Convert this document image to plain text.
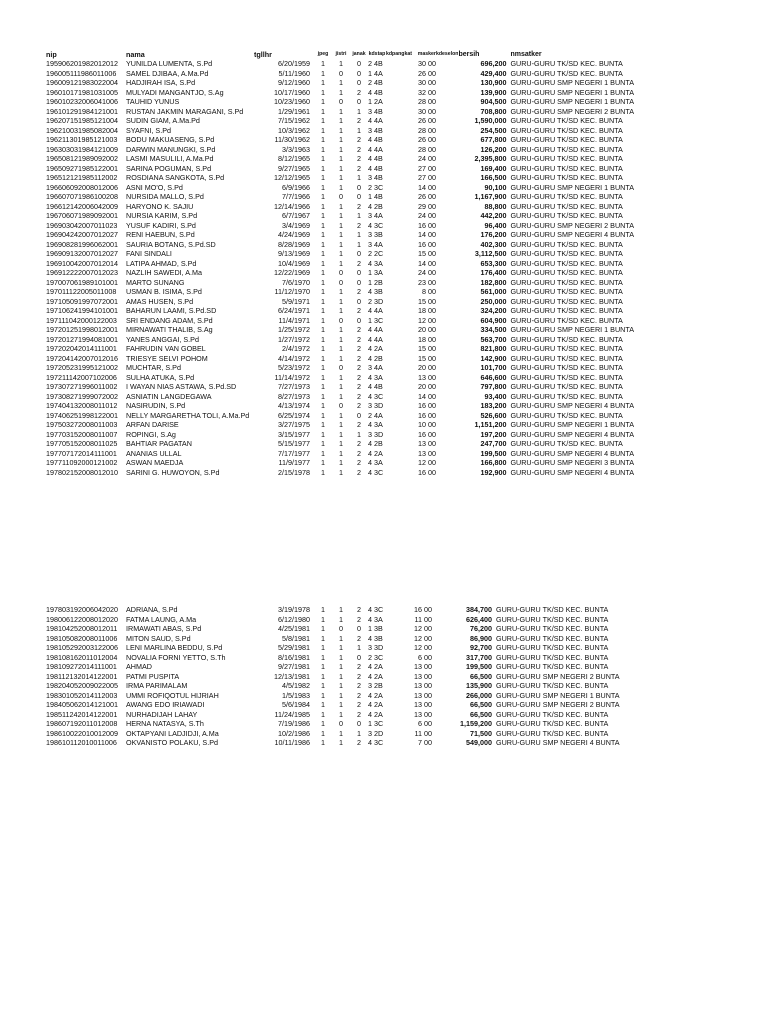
nip	nama	tgllhr	jpeg	jistri	janak	kdstap	kdpangkat	masker	kdeselon	bersih	nmsatker
195906201982012012	YUNILDA LUMENTA, S.Pd	6/20/1959	1	1	0	2 4B		30 00		696,200	GURU-GURU TK/SD KEC. BUNTA
196005111986011006	SAMEL DJIBAA, A.Ma.Pd	5/11/1960	1	0	0	1 4A		26 00		429,400	GURU-GURU TK/SD KEC. BUNTA
196009121983022004	HADJIRAH ISA, S.Pd	9/12/1960	1	1	0	2 4B		30 00		130,900	GURU-GURU SMP NEGERI 1 BUNTA
196010171981031005	MULYADI MANGANTJO, S.Ag	10/17/1960	1	1	2	4 4B		32 00		139,900	GURU-GURU SMP NEGERI 1 BUNTA
196010232006041006	TAUHID YUNUS	10/23/1960	1	0	0	1 2A		28 00		904,500	GURU-GURU SMP NEGERI 1 BUNTA
196101291984121001	RUSTAN JAKMIN MARAGANI, S.Pd	1/29/1961	1	1	1	3 4B		30 00		708,800	GURU-GURU SMP NEGERI 2 BUNTA
196207151985121004	SUDIN GIAM, A.Ma.Pd	7/15/1962	1	1	2	4 4A		26 00		1,590,000	GURU-GURU TK/SD KEC. BUNTA
196210031985082004	SYAFNI, S.Pd	10/3/1962	1	1	1	3 4B		28 00		254,500	GURU-GURU TK/SD KEC. BUNTA
196211301985121003	BODU MAKUASENG, S.Pd	11/30/1962	1	1	2	4 4B		26 00		677,800	GURU-GURU TK/SD KEC. BUNTA
196303031984121009	DARWIN MANUNGKI, S.Pd	3/3/1963	1	1	2	4 4A		28 00		126,200	GURU-GURU TK/SD KEC. BUNTA
196508121989092002	LASMI MASULILI, A.Ma.Pd	8/12/1965	1	1	2	4 4B		24 00		2,395,800	GURU-GURU TK/SD KEC. BUNTA
196509271985122001	SARINA POGUMAN, S.Pd	9/27/1965	1	1	2	4 4B		27 00		169,400	GURU-GURU TK/SD KEC. BUNTA
196512121985112002	ROSDIANA SANGKOTA, S.Pd	12/12/1965	1	1	1	3 4B		27 00		166,500	GURU-GURU TK/SD KEC. BUNTA
196606092008012006	ASNI MO'O, S.Pd	6/9/1966	1	1	0	2 3C		14 00		90,100	GURU-GURU SMP NEGERI 1 BUNTA
196607071986100208	NURSIDA MALLO, S.Pd	7/7/1966	1	0	0	1 4B		26 00		1,167,900	GURU-GURU TK/SD KEC. BUNTA
196612142006042009	HARYONO K. SAJIU	12/14/1966	1	1	2	4 2B		29 00		88,800	GURU-GURU TK/SD KEC. BUNTA
196706071989092001	NURSIA KARIM, S.Pd	6/7/1967	1	1	1	3 4A		24 00		442,200	GURU-GURU TK/SD KEC. BUNTA
196903042007011023	YUSUF KADIRI, S.Pd	3/4/1969	1	1	2	4 3C		16 00		96,400	GURU-GURU SMP NEGERI 2 BUNTA
196904242007012027	RENI HAEBUN, S.Pd	4/24/1969	1	1	1	3 3B		14 00		176,200	GURU-GURU SMP NEGERI 4 BUNTA
196908281996062001	SAURIA BOTANG, S.Pd.SD	8/28/1969	1	1	1	3 4A		16 00		402,300	GURU-GURU TK/SD KEC. BUNTA
196909132007012027	FANI SINDALI	9/13/1969	1	1	0	2 2C		15 00		3,112,500	GURU-GURU TK/SD KEC. BUNTA
196910042007012014	LATIPA AHMAD, S.Pd	10/4/1969	1	1	2	4 3A		14 00		653,300	GURU-GURU TK/SD KEC. BUNTA
196912222007012023	NAZLIH SAWEDI, A.Ma	12/22/1969	1	0	0	1 3A		24 00		176,400	GURU-GURU TK/SD KEC. BUNTA
197007061989101001	MARTO SUNANG	7/6/1970	1	0	0	1 2B		23 00		182,800	GURU-GURU TK/SD KEC. BUNTA
197011122005011008	USMAN B. ISIMA, S.Pd	11/12/1970	1	1	2	4 3B		8 00		561,000	GURU-GURU TK/SD KEC. BUNTA
197105091997072001	AMAS HUSEN, S.Pd	5/9/1971	1	1	0	2 3D		15 00		250,000	GURU-GURU TK/SD KEC. BUNTA
197106241994101001	BAHARUN LAAMI, S.Pd.SD	6/24/1971	1	1	2	4 4A		18 00		324,200	GURU-GURU TK/SD KEC. BUNTA
197111042000122003	SRI ENDANG ADAM, S.Pd	11/4/1971	1	0	0	1 3C		12 00		604,900	GURU-GURU TK/SD KEC. BUNTA
197201251998012001	MIRNAWATI THALIB, S.Ag	1/25/1972	1	1	2	4 4A		20 00		334,500	GURU-GURU SMP NEGERI 1 BUNTA
197201271994081001	YANES ANGGAI, S.Pd	1/27/1972	1	1	2	4 4A		18 00		563,700	GURU-GURU TK/SD KEC. BUNTA
197202042014111001	FAHRUDIN VAN GOBEL	2/4/1972	1	1	2	4 2A		15 00		821,800	GURU-GURU TK/SD KEC. BUNTA
197204142007012016	TRIESYE SELVI POHOM	4/14/1972	1	1	2	4 2B		15 00		142,900	GURU-GURU TK/SD KEC. BUNTA
197205231995121002	MUCHTAR, S.Pd	5/23/1972	1	0	2	3 4A		20 00		101,700	GURU-GURU TK/SD KEC. BUNTA
197211142007102006	SULHA ATUKA, S.Pd	11/14/1972	1	1	2	4 3A		13 00		646,600	GURU-GURU TK/SD KEC. BUNTA
197307271996011002	I WAYAN NIAS ASTAWA, S.Pd.SD	7/27/1973	1	1	2	4 4B		20 00		797,800	GURU-GURU TK/SD KEC. BUNTA
197308271999072002	ASNIATIN LANGDEGAWA	8/27/1973	1	1	2	4 3C		14 00		93,400	GURU-GURU TK/SD KEC. BUNTA
197404132008011012	NASIRUDIN, S.Pd	4/13/1974	1	0	2	3 3D		16 00		183,200	GURU-GURU SMP NEGERI 4 BUNTA
197406251998122001	NELLY MARGARETHA TOLI, A.Ma.Pd	6/25/1974	1	1	0	2 4A		16 00		526,600	GURU-GURU TK/SD KEC. BUNTA
197503272008011003	ARFAN DARISE	3/27/1975	1	1	2	4 3A		10 00		1,151,200	GURU-GURU SMP NEGERI 1 BUNTA
197703152008011007	ROPINGI, S.Ag	3/15/1977	1	1	1	3 3D		16 00		197,200	GURU-GURU SMP NEGERI 4 BUNTA
197705152008011025	BAHTIAR PAGATAN	5/15/1977	1	1	2	4 2B		13 00		247,700	GURU-GURU TK/SD KEC. BUNTA
197707172014111001	ANANIAS ULLAL	7/17/1977	1	1	2	4 2A		13 00		199,500	GURU-GURU SMP NEGERI 4 BUNTA
197711092000121002	ASWAN MAEDJA	11/9/1977	1	1	2	4 3A		12 00		166,800	GURU-GURU SMP NEGERI 3 BUNTA
197802152008012010	SARINI G. HUWOYON, S.Pd	2/15/1978	1	1	2	4 3C		16 00		192,900	GURU-GURU SMP NEGERI 4 BUNTA
197803192006042020	ADRIANA, S.Pd	3/19/1978	1	1	2	4 3C	16 00		384,700	GURU-GURU TK/SD KEC. BUNTA
198006122008012020	FATMA LAUNG, A.Ma	6/12/1980	1	1	2	4 3A	11 00		626,400	GURU-GURU TK/SD KEC. BUNTA
198104252008012011	IRMAWATI ABAS, S.Pd	4/25/1981	1	0	0	1 3B	12 00		76,200	GURU-GURU TK/SD KEC. BUNTA
198105082008011006	MITON SAUD, S.Pd	5/8/1981	1	1	2	4 3B	12 00		86,900	GURU-GURU TK/SD KEC. BUNTA
198105292003122006	LENI MARLINA BEDDU, S.Pd	5/29/1981	1	1	1	3 3D	12 00		92,700	GURU-GURU TK/SD KEC. BUNTA
198108162011012004	NOVALIA FORNI YETTO, S.Th	8/16/1981	1	1	0	2 3C	6 00		317,700	GURU-GURU TK/SD KEC. BUNTA
198109272014111001	AHMAD	9/27/1981	1	1	2	4 2A	13 00		199,500	GURU-GURU TK/SD KEC. BUNTA
198112132014122001	PATMI PUSPITA	12/13/1981	1	1	2	4 2A	13 00		66,500	GURU-GURU SMP NEGERI 2 BUNTA
198204052009022005	IRMA PARIMALAM	4/5/1982	1	1	2	3 2B	13 00		135,900	GURU-GURU TK/SD KEC. BUNTA
198301052014112003	UMMI ROFIQOTUL HIJRIAH	1/5/1983	1	1	2	4 2A	13 00		266,000	GURU-GURU SMP NEGERI 1 BUNTA
198405062014121001	AWANG EDO IRIAWADI	5/6/1984	1	1	2	4 2A	13 00		66,500	GURU-GURU SMP NEGERI 2 BUNTA
198511242014122001	NURHADIJAH LAHAY	11/24/1985	1	1	2	4 2A	13 00		66,500	GURU-GURU TK/SD KEC. BUNTA
198607192011012008	HERNA NATASYA, S.Th	7/19/1986	1	0	0	1 3C	6 00		1,159,200	GURU-GURU TK/SD KEC. BUNTA
198610022010012009	OKTAPYANI LADJIDJI, A.Ma	10/2/1986	1	1	1	3 2D	11 00		71,500	GURU-GURU TK/SD KEC. BUNTA
198610112010011006	OKVANISTO POLAKU, S.Pd	10/11/1986	1	1	2	4 3C	7 00		549,000	GURU-GURU SMP NEGERI 4 BUNTA
